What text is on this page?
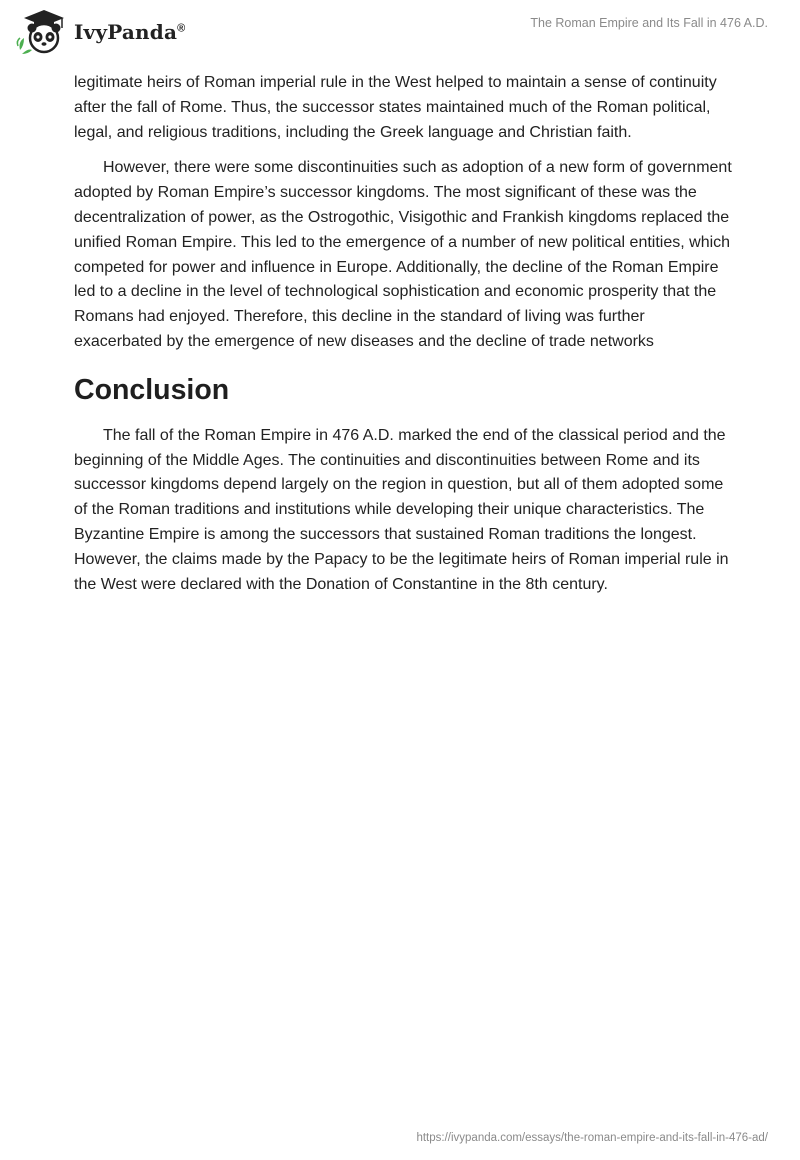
IvyPanda®	The Roman Empire and Its Fall in 476 A.D.

legitimate heirs of Roman imperial rule in the West helped to maintain a sense of continuity after the fall of Rome. Thus, the successor states maintained much of the Roman political, legal, and religious traditions, including the Greek language and Christian faith.

However, there were some discontinuities such as adoption of a new form of government adopted by Roman Empire’s successor kingdoms. The most significant of these was the decentralization of power, as the Ostrogothic, Visigothic and Frankish kingdoms replaced the unified Roman Empire. This led to the emergence of a number of new political entities, which competed for power and influence in Europe. Additionally, the decline of the Roman Empire led to a decline in the level of technological sophistication and economic prosperity that the Romans had enjoyed. Therefore, this decline in the standard of living was further exacerbated by the emergence of new diseases and the decline of trade networks

Conclusion

The fall of the Roman Empire in 476 A.D. marked the end of the classical period and the beginning of the Middle Ages. The continuities and discontinuities between Rome and its successor kingdoms depend largely on the region in question, but all of them adopted some of the Roman traditions and institutions while developing their unique characteristics. The Byzantine Empire is among the successors that sustained Roman traditions the longest. However, the claims made by the Papacy to be the legitimate heirs of Roman imperial rule in the West were declared with the Donation of Constantine in the 8th century.

https://ivypanda.com/essays/the-roman-empire-and-its-fall-in-476-ad/
